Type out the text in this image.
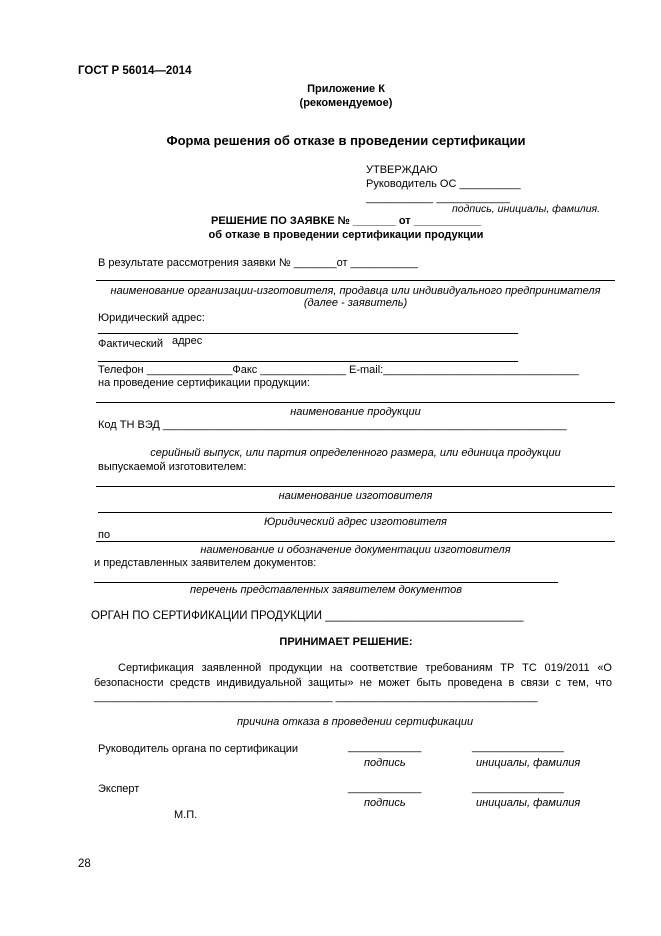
ГОСТ Р 56014—2014
Приложение К
(рекомендуемое)
Форма решения об отказе в проведении сертификации
УТВЕРЖДАЮ
Руководитель ОС __________
___________ ____________
подпись, инициалы, фамилия.
РЕШЕНИЕ ПО ЗАЯВКЕ № _______ от ___________
об отказе в проведении сертификации продукции
В результате рассмотрения заявки № _______от ___________
наименование организации-изготовителя, продавца или индивидуального предпринимателя
(далее - заявитель)
Юридический адрес:
Фактический адрес
Телефон ______________Факс ______________ E-mail:________________________________
на проведение сертификации продукции:
наименование продукции
Код ТН ВЭД __________________________________________________________________
серийный выпуск, или партия определенного размера, или единица продукции
выпускаемой изготовителем:
наименование изготовителя
Юридический адрес изготовителя
по
наименование и обозначение документации изготовителя
и представленных заявителем документов:
перечень представленных заявителем документов
ОРГАН ПО СЕРТИФИКАЦИИ ПРОДУКЦИИ _______________________________
ПРИНИМАЕТ РЕШЕНИЕ:
Сертификация заявленной продукции на соответствие требованиям ТР ТС 019/2011 «О
безопасности средств индивидуальной защиты» не может быть проведена в связи с тем, что
_______________________________________ _________________________________
причина отказа в проведении сертификации
Руководитель органа по сертификации	____________	_______________
подпись	инициалы, фамилия
Эксперт	____________	_______________
подпись	инициалы, фамилия
М.П.
28
